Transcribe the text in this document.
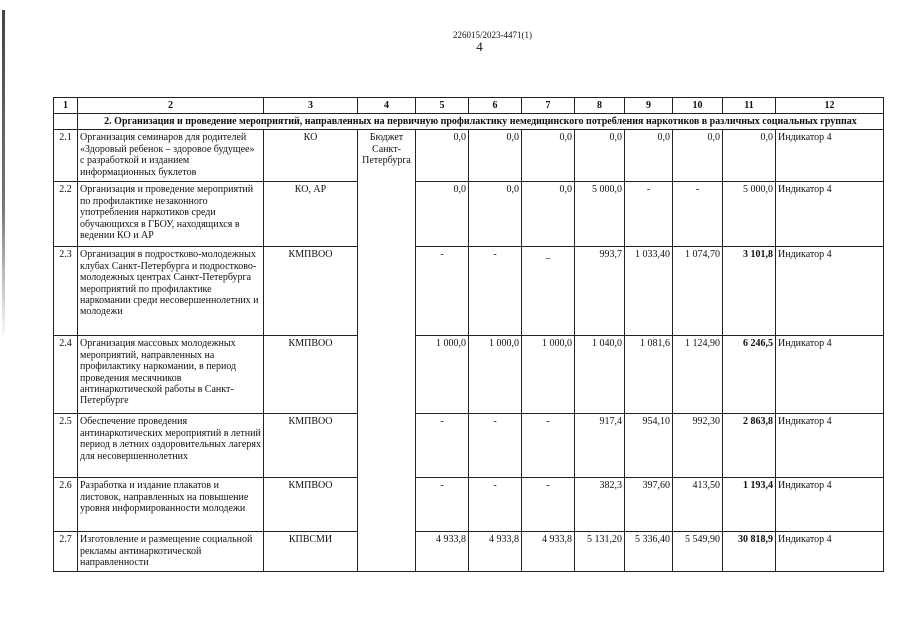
226015/2023-4471(1)
4
1	2	3	4	5	6	7	8	9	10	11	12
	2. Организация и проведение мероприятий, направленных на первичную профилактику немедицинского потребления наркотиков в различных социальных группах										
2.1	Организация семинаров для родителей «Здоровый ребенок – здоровое будущее» с разработкой и изданием информационных буклетов	КО	Бюджет Санкт-Петербурга	0,0	0,0	0,0	0,0	0,0	0,0	0,0	Индикатор 4
2.2	Организация и проведение мероприятий по профилактике незаконного употребления наркотиков среди обучающихся в ГБОУ, находящихся в ведении КО и АР	КО, АР		0,0	0,0	0,0	5 000,0	-	-	5 000,0	Индикатор 4
2.3	Организация в подростково-молодежных клубах Санкт-Петербурга и подростково-молодежных центрах Санкт-Петербурга мероприятий по профилактике наркомании среди несовершеннолетних и молодежи	КМПВОО		-	-	_	993,7	1 033,40	1 074,70	3 101,8	Индикатор 4
2.4	Организация массовых молодежных мероприятий, направленных на профилактику наркомании, в период проведения месячников антинаркотической работы в Санкт-Петербурге	КМПВОО		1 000,0	1 000,0	1 000,0	1 040,0	1 081,6	1 124,90	6 246,5	Индикатор 4
2.5	Обеспечение проведения антинаркотических мероприятий в летний период в летних оздоровительных лагерях для несовершеннолетних	КМПВОО		-	-	-	917,4	954,10	992,30	2 863,8	Индикатор 4
2.6	Разработка и издание плакатов и листовок, направленных на повышение уровня информированности молодежи	КМПВОО		-	-	-	382,3	397,60	413,50	1 193,4	Индикатор 4
2.7	Изготовление и размещение социальной рекламы антинаркотической направленности	КПВСМИ		4 933,8	4 933,8	4 933,8	5 131,20	5 336,40	5 549,90	30 818,9	Индикатор 4
